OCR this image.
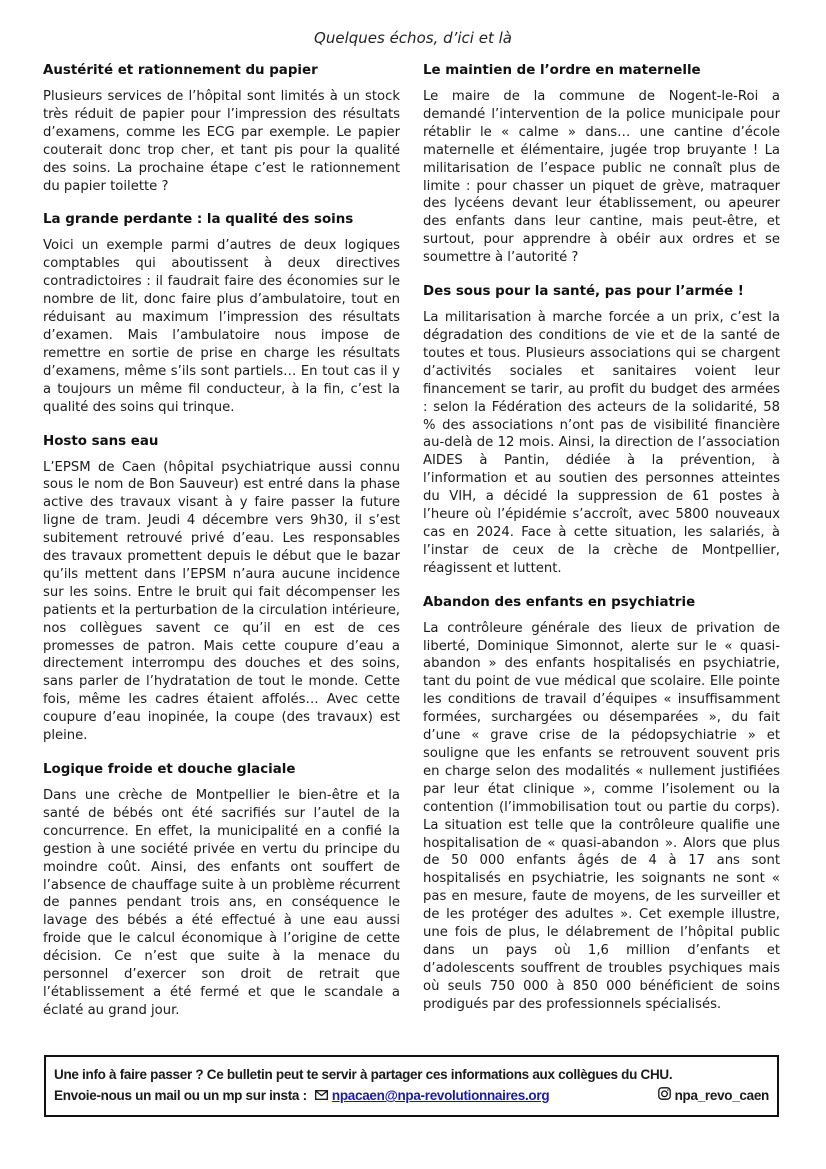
Quelques échos, d’ici et là
Austérité et rationnement du papier

Plusieurs services de l’hôpital sont limités à un stock très réduit de papier pour l’impression des résultats d’examens, comme les ECG par exemple. Le papier couterait donc trop cher, et tant pis pour la qualité des soins. La prochaine étape c’est le rationnement du papier toilette ?

La grande perdante : la qualité des soins

Voici un exemple parmi d’autres de deux logiques comptables qui aboutissent à deux directives contradictoires : il faudrait faire des économies sur le nombre de lit, donc faire plus d’ambulatoire, tout en réduisant au maximum l’impression des résultats d’examen. Mais l’ambulatoire nous impose de remettre en sortie de prise en charge les résultats d’examens, même s’ils sont partiels… En tout cas il y a toujours un même fil conducteur, à la fin, c’est la qualité des soins qui trinque.

Hosto sans eau

L’EPSM de Caen (hôpital psychiatrique aussi connu sous le nom de Bon Sauveur) est entré dans la phase active des travaux visant à y faire passer la future ligne de tram. Jeudi 4 décembre vers 9h30, il s’est subitement retrouvé privé d’eau. Les responsables des travaux promettent depuis le début que le bazar qu’ils mettent dans l’EPSM n’aura aucune incidence sur les soins. Entre le bruit qui fait décompenser les patients et la perturbation de la circulation intérieure, nos collègues savent ce qu’il en est de ces promesses de patron. Mais cette coupure d’eau a directement interrompu des douches et des soins, sans parler de l’hydratation de tout le monde. Cette fois, même les cadres étaient affolés… Avec cette coupure d’eau inopinée, la coupe (des travaux) est pleine.

Logique froide et douche glaciale

Dans une crèche de Montpellier le bien-être et la santé de bébés ont été sacrifiés sur l’autel de la concurrence. En effet, la municipalité en a confié la gestion à une société privée en vertu du principe du moindre coût. Ainsi, des enfants ont souffert de l’absence de chauffage suite à un problème récurrent de pannes pendant trois ans, en conséquence le lavage des bébés a été effectué à une eau aussi froide que le calcul économique à l’origine de cette décision. Ce n’est que suite à la menace du personnel d’exercer son droit de retrait que l’établissement a été fermé et que le scandale a éclaté au grand jour.

Le maintien de l’ordre en maternelle

Le maire de la commune de Nogent-le-Roi a demandé l’intervention de la police municipale pour rétablir le « calme » dans… une cantine d’école maternelle et élémentaire, jugée trop bruyante ! La militarisation de l’espace public ne connaît plus de limite : pour chasser un piquet de grève, matraquer des lycéens devant leur établissement, ou apeurer des enfants dans leur cantine, mais peut-être, et surtout, pour apprendre à obéir aux ordres et se soumettre à l’autorité ?

Des sous pour la santé, pas pour l’armée !

La militarisation à marche forcée a un prix, c’est la dégradation des conditions de vie et de la santé de toutes et tous. Plusieurs associations qui se chargent d’activités sociales et sanitaires voient leur financement se tarir, au profit du budget des armées : selon la Fédération des acteurs de la solidarité, 58 % des associations n’ont pas de visibilité financière au-delà de 12 mois. Ainsi, la direction de l’association AIDES à Pantin, dédiée à la prévention, à l’information et au soutien des personnes atteintes du VIH, a décidé la suppression de 61 postes à l’heure où l’épidémie s’accroît, avec 5800 nouveaux cas en 2024. Face à cette situation, les salariés, à l’instar de ceux de la crèche de Montpellier, réagissent et luttent.

Abandon des enfants en psychiatrie

La contrôleure générale des lieux de privation de liberté, Dominique Simonnot, alerte sur le « quasi-abandon » des enfants hospitalisés en psychiatrie, tant du point de vue médical que scolaire. Elle pointe les conditions de travail d’équipes « insuffisamment formées, surchargées ou désemparées », du fait d’une « grave crise de la pédopsychiatrie » et souligne que les enfants se retrouvent souvent pris en charge selon des modalités « nullement justifiées par leur état clinique », comme l’isolement ou la contention (l’immobilisation tout ou partie du corps). La situation est telle que la contrôleure qualifie une hospitalisation de « quasi-abandon ». Alors que plus de 50 000 enfants âgés de 4 à 17 ans sont hospitalisés en psychiatrie, les soignants ne sont « pas en mesure, faute de moyens, de les surveiller et de les protéger des adultes ». Cet exemple illustre, une fois de plus, le délabrement de l’hôpital public dans un pays où 1,6 million d’enfants et d’adolescents souffrent de troubles psychiques mais où seuls 750 000 à 850 000 bénéficient de soins prodigués par des professionnels spécialisés.

Une info à faire passer ? Ce bulletin peut te servir à partager ces informations aux collègues du CHU.
Envoie-nous un mail ou un mp sur insta :	npacaen@npa-revolutionnaires.org	npa_revo_caen
